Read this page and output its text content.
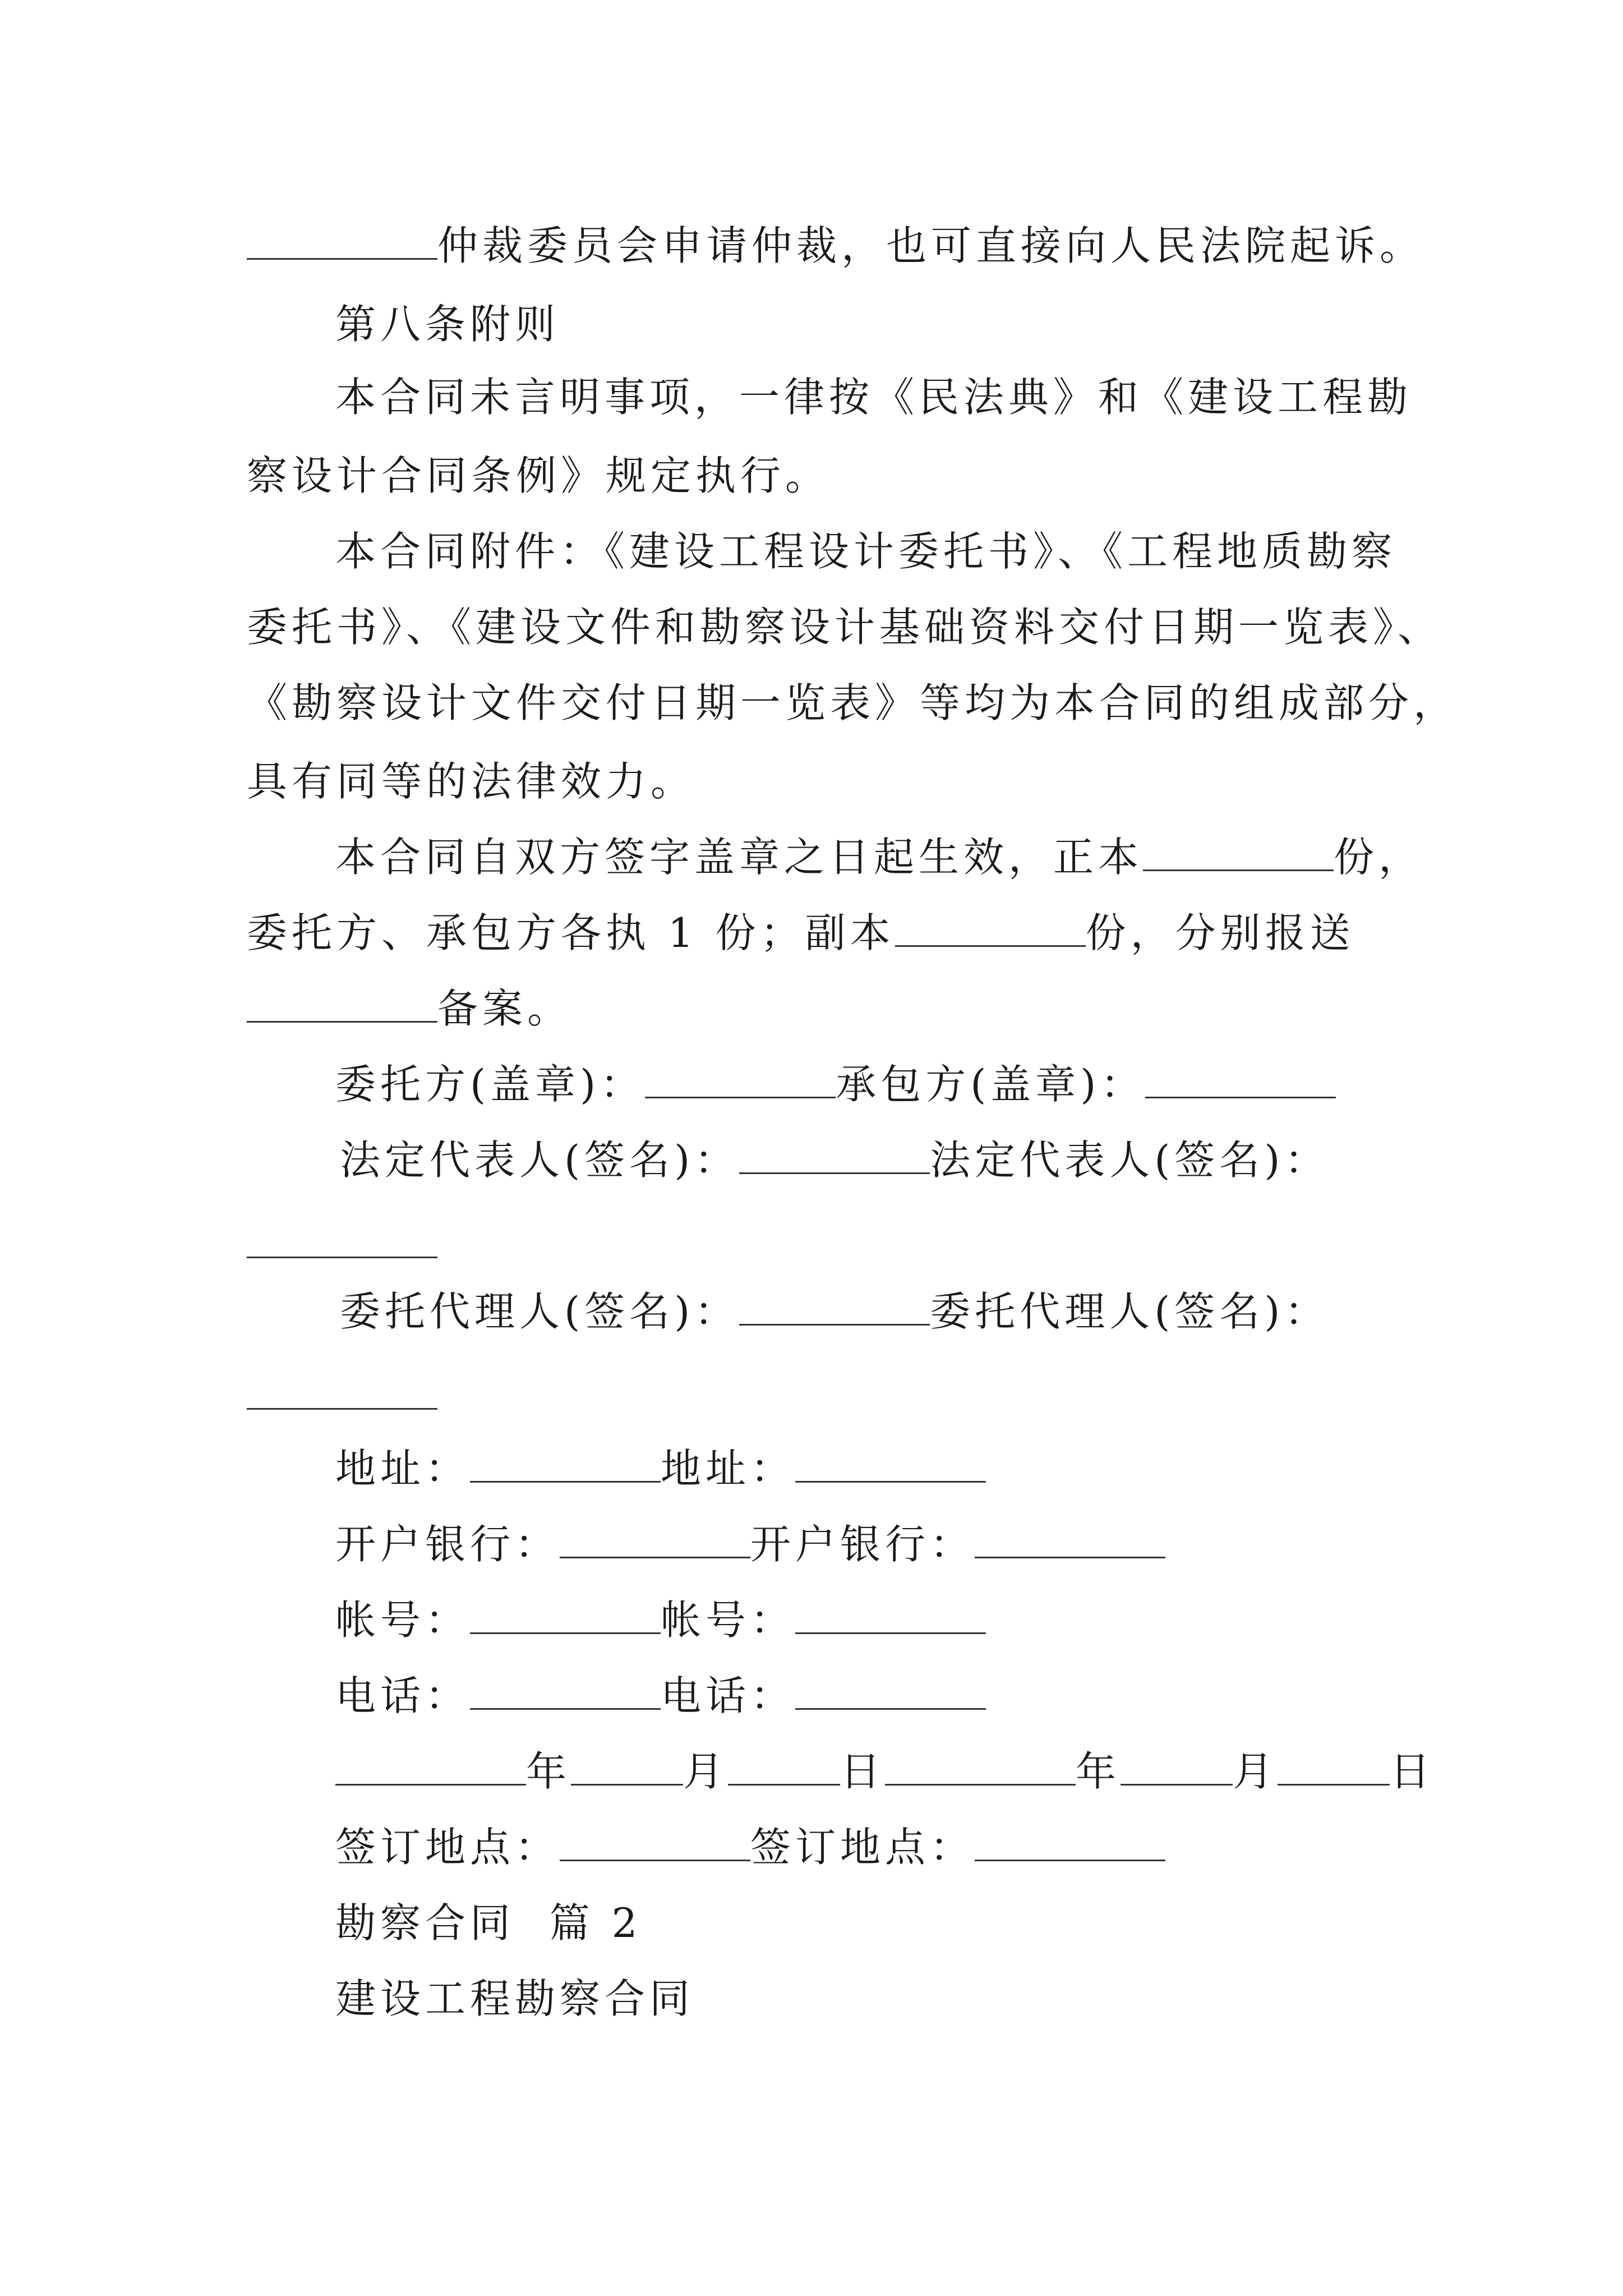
仲裁委员会申请仲裁，也可直接向人民法院起诉。
第八条附则
本合同未言明事项，一律按《民法典》和《建设工程勘
察设计合同条例》规定执行。
本合同附件：《建设工程设计委托书》、《工程地质勘察
委托书》、《建设文件和勘察设计基础资料交付日期一览表》、
《勘察设计文件交付日期一览表》等均为本合同的组成部分，
具有同等的法律效力。
本合同自双方签字盖章之日起生效，正本	份，
委托方、承包方各执 1 份；副本	份，分别报送
备案。
委托方(盖章)：	承包方(盖章)：
法定代表人(签名)：	法定代表人(签名)：
委托代理人(签名)：	委托代理人(签名)：
地址：	地址：
开户银行：	开户银行：
帐号：	帐号：
电话：	电话：
年	月	日	年	月	日
签订地点：	签订地点：
勘察合同  篇 2
建设工程勘察合同
